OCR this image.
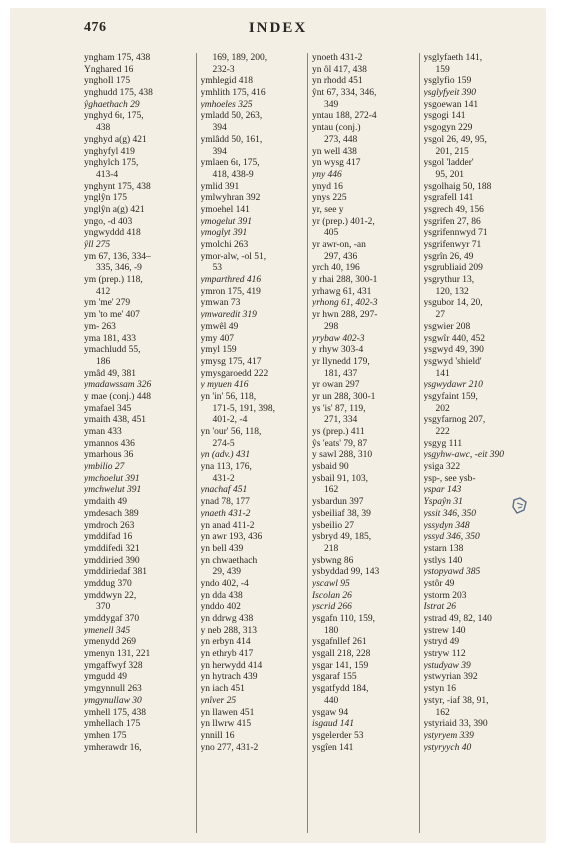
476	INDEX
yngham 175, 438
Ynghared 16
ynghoIl 175
ynghudd 175, 438
ŷghaethach 29
ynghyd 6ɪ, 175,
438
ynghyd a(g) 421
ynghyfyl 419
ynghylch 175,
413-4
ynghynt 175, 438
ynglŷn 175
ynglŷn a(g) 421
yngo, -d 403
yngwyddd 418
ŷll 275
ym 67, 136, 334–
335, 346, -9
ym (prep.) 118,
412
ym 'me' 279
ym 'to me' 407
ym- 263
yma 181, 433
ymachludd 55,
186
ymâd 49, 381
ymadawssam 326
y mae (conj.) 448
ymafael 345
ymaith 438, 451
yman 433
ymannos 436
ymarhous 36
ymbilio 27
ymchoelut 391
ymchwelut 391
ymdaith 49
ymdesach 389
ymdroch 263
ymddifad 16
ymddifedi 321
ymddiried 390
ymddiriedaf 381
ymddug 370
ymddwyn 22,
370
ymddygaf 370
ymenell 345
ymenydd 269
ymenyn 131, 221
ymgaffwyf 328
ymgudd 49
ymgynnull 263
ymgynullaw 30
ymhell 175, 438
ymhellach 175
ymhen 175
ymherawdr 16,
169, 189, 200,
232-3
ymhlegid 418
ymhlith 175, 416
ymhoeles 325
ymladd 50, 263,
394
ymlâdd 50, 161,
394
ymlaen 6ɪ, 175,
418, 438-9
ymlid 391
ymlwyhran 392
ymoehel 141
ymogelut 391
ymoglyt 391
ymolchi 263
ymor-alw, -ol 51,
53
ymparthred 416
ymron 175, 419
ymwan 73
ymwaredit 319
ymwêl 49
ymy 407
ymyl 159
ymysg 175, 417
ymysgaroedd 222
y myuen 416
yn 'in' 56, 118,
171-5, 191, 398,
401-2, -4
yn 'our' 56, 118,
274-5
yn (adv.) 431
yna 113, 176,
431-2
ynachaf 451
ynad 78, 177
ynaeth 431-2
yn anad 411-2
yn awr 193, 436
yn bell 439
yn chwaethach
29, 439
yndo 402, -4
yn dda 438
ynddo 402
yn ddrwg 438
y neb 288, 313
yn erbyn 414
yn ethryb 417
yn herwydd 414
yn hytrach 439
yn iach 451
ynîver 25
yn llawen 451
yn llwrw 415
ynnill 16
yno 277, 431-2
ynoeth 431-2
yn ôl 417, 438
yn rhodd 451
ŷnt 67, 334, 346,
349
yntau 188, 272-4
yntau (conj.)
273, 448
yn well 438
yn wysg 417
yny 446
ynyd 16
ynys 225
yr, see y
yr (prep.) 401-2,
405
yr awr-on, -an
297, 436
yrch 40, 196
y rhai 288, 300-1
yrhawg 61, 431
yrhong 61, 402-3
yr hwn 288, 297-
298
yrybaw 402-3
y rhyw 303-4
yr llynedd 179,
181, 437
yr owan 297
yr un 288, 300-1
ys 'is' 87, 119,
271, 334
ys (prep.) 411
ŷs 'eats' 79, 87
y sawl 288, 310
ysbaid 90
ysbail 91, 103,
162
ysbardun 397
ysbeiliaf 38, 39
ysbeilio 27
ysbryd 49, 185,
218
ysbwng 86
ysbyddad 99, 143
yscawl 95
Iscolan 26
yscrid 266
ysgafn 110, 159,
180
ysgafnllef 261
ysgall 218, 228
ysgar 141, 159
ysgaraf 155
ysgatfydd 184,
440
ysgaw 94
isgaud 141
ysgelerder 53
ysgîen 141
ysglyfaeth 141,
159
ysglyfio 159
ysglyfyeit 390
ysgoewan 141
ysgogi 141
ysgogyn 229
ysgol 26, 49, 95,
201, 215
ysgol 'ladder'
95, 201
ysgolhaig 50, 188
ysgrafell 141
ysgrech 49, 156
ysgrifen 27, 86
ysgrifennwyd 71
ysgrifenwyr 71
ysgrîn 26, 49
ysgrubliaid 209
ysgrythur 13,
120, 132
ysgubor 14, 20,
27
ysgwier 208
ysgwîr 440, 452
ysgwyd 49, 390
ysgwyd 'shield'
141
ysgwydawr 210
ysgyfaint 159,
202
ysgyfarnog 207,
222
ysgyg 111
ysgyhw-awc, -eit 390
ysiga 322
ysp-, see ysb-
yspar 143
Yspaŷn 31
yssit 346, 350
yssyd̃yn 348
yssyd̃ 346, 350
ystarn 138
ystlys 140
ystopyawd 385
ystôr 49
ystorm 203
Istrat 26
ystrad 49, 82, 140
ystrew 140
ystryd 49
ystryw 112
ystudyaw 39
ystwyrian 392
ystyn 16
ystyr, -iaf 38, 91,
162
ystyriaid 33, 390
ystyryem 339
ystyryych 40
